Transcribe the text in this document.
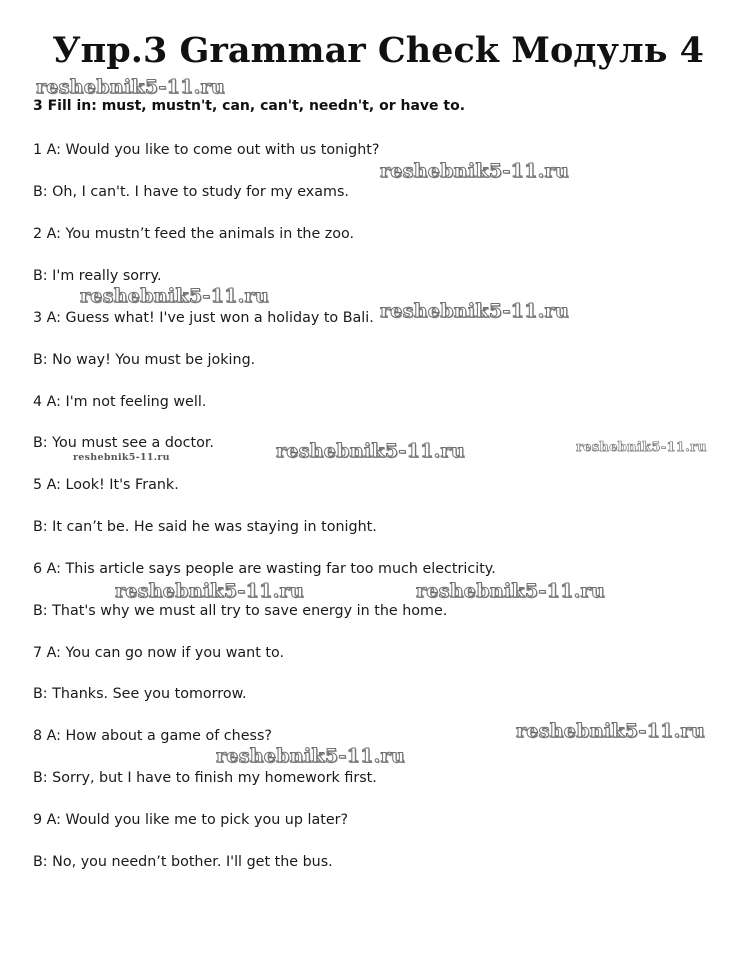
Упр.3 Grammar Check Модуль 4
3 Fill in: must, mustn't, can, can't, needn't, or have to.
1 A: Would you like to come out with us tonight?
B: Oh, I can't. I have to study for my exams.
2 A: You mustn’t feed the animals in the zoo.
B: I'm really sorry.
3 A: Guess what! I've just won a holiday to Bali.
B: No way! You must be joking.
4 A: I'm not feeling well.
B: You must see a doctor.
5 A: Look! It's Frank.
B: It can’t be. He said he was staying in tonight.
6 A: This article says people are wasting far too much electricity.
B: That's why we must all try to save energy in the home.
7 A: You can go now if you want to.
B: Thanks. See you tomorrow.
8 A: How about a game of chess?
B: Sorry, but I have to finish my homework first.
9 A: Would you like me to pick you up later?
B: No, you needn’t bother. I'll get the bus.
reshebnik5-11.ru
reshebnik5-11.ru
reshebnik5-11.ru
reshebnik5-11.ru
reshebnik5-11.ru	reshebnik5-11.ru
reshebnik5-11.ru
reshebnik5-11.ru	reshebnik5-11.ru
reshebnik5-11.ru
reshebnik5-11.ru
